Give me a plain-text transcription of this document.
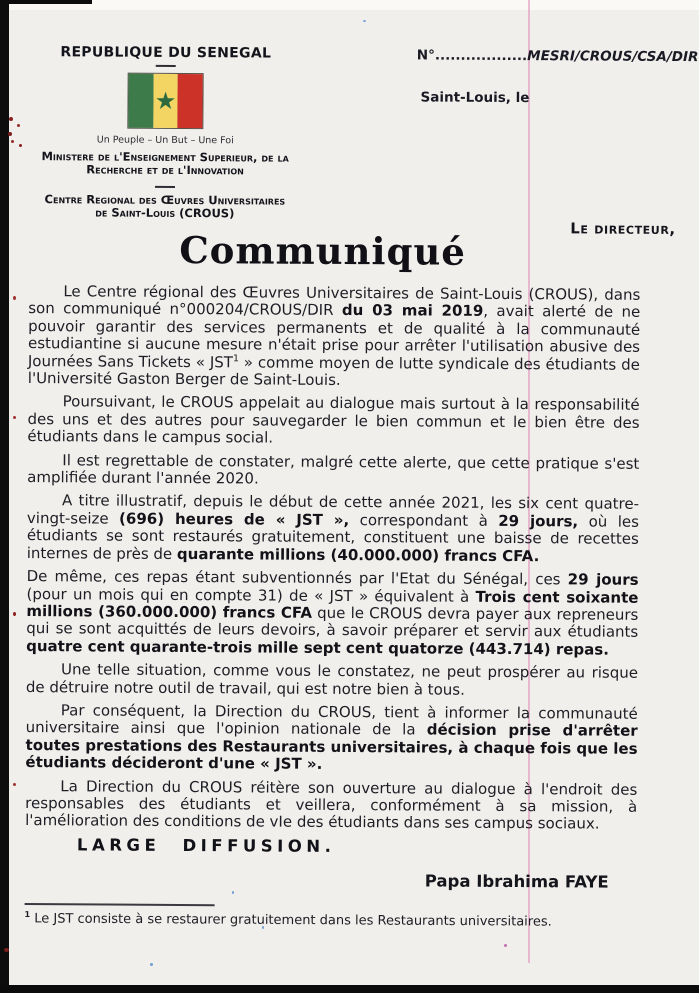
REPUBLIQUE DU SENEGAL
★
Un Peuple – Un But – Une Foi
Ministere de l'Enseignement Superieur, de la
Recherche et de l'Innovation
Centre Regional des Œuvres Universitaires
de Saint-Louis (CROUS)
N°..................MESRI/CROUS/CSA/DIR
Saint-Louis, le
Le directeur,
Communiqué

Le Centre régional des Œuvres Universitaires de Saint-Louis (CROUS), dans son communiqué n°000204/CROUS/DIR du 03 mai 2019, avait alerté de ne pouvoir garantir des services permanents et de qualité à la communauté estudiantine si aucune mesure n'était prise pour arrêter l'utilisation abusive des Journées Sans Tickets « JST$^1$ » comme moyen de lutte syndicale des étudiants de l'Université Gaston Berger de Saint-Louis.

Poursuivant, le CROUS appelait au dialogue mais surtout à la responsabilité des uns et des autres pour sauvegarder le bien commun et le bien être des étudiants dans le campus social.

Il est regrettable de constater, malgré cette alerte, que cette pratique s'est amplifiée durant l'année 2020.

A titre illustratif, depuis le début de cette année 2021, les six cent quatre-vingt-seize (696) heures de « JST », correspondant à 29 jours, où les étudiants se sont restaurés gratuitement, constituent une baisse de recettes internes de près de quarante millions (40.000.000) francs CFA.

De même, ces repas étant subventionnés par l'Etat du Sénégal, ces 29 jours (pour un mois qui en compte 31) de « JST » équivalent à Trois cent soixante millions (360.000.000) francs CFA que le CROUS devra payer aux repreneurs qui se sont acquittés de leurs devoirs, à savoir préparer et servir aux étudiants quatre cent quarante-trois mille sept cent quatorze (443.714) repas.

Une telle situation, comme vous le constatez, ne peut prospérer au risque de détruire notre outil de travail, qui est notre bien à tous.

Par conséquent, la Direction du CROUS, tient à informer la communauté universitaire ainsi que l'opinion nationale de la décision prise d'arrêter toutes prestations des Restaurants universitaires, à chaque fois que les étudiants décideront d'une « JST ».

La Direction du CROUS réitère son ouverture au dialogue à l'endroit des responsables des étudiants et veillera, conformément à sa mission, à l'amélioration des conditions de vIe des étudiants dans ses campus sociaux.

LARGE DIFFUSION.
Papa Ibrahima FAYE
$^1$ Le JST consiste à se restaurer gratuitement dans les Restaurants universitaires.
